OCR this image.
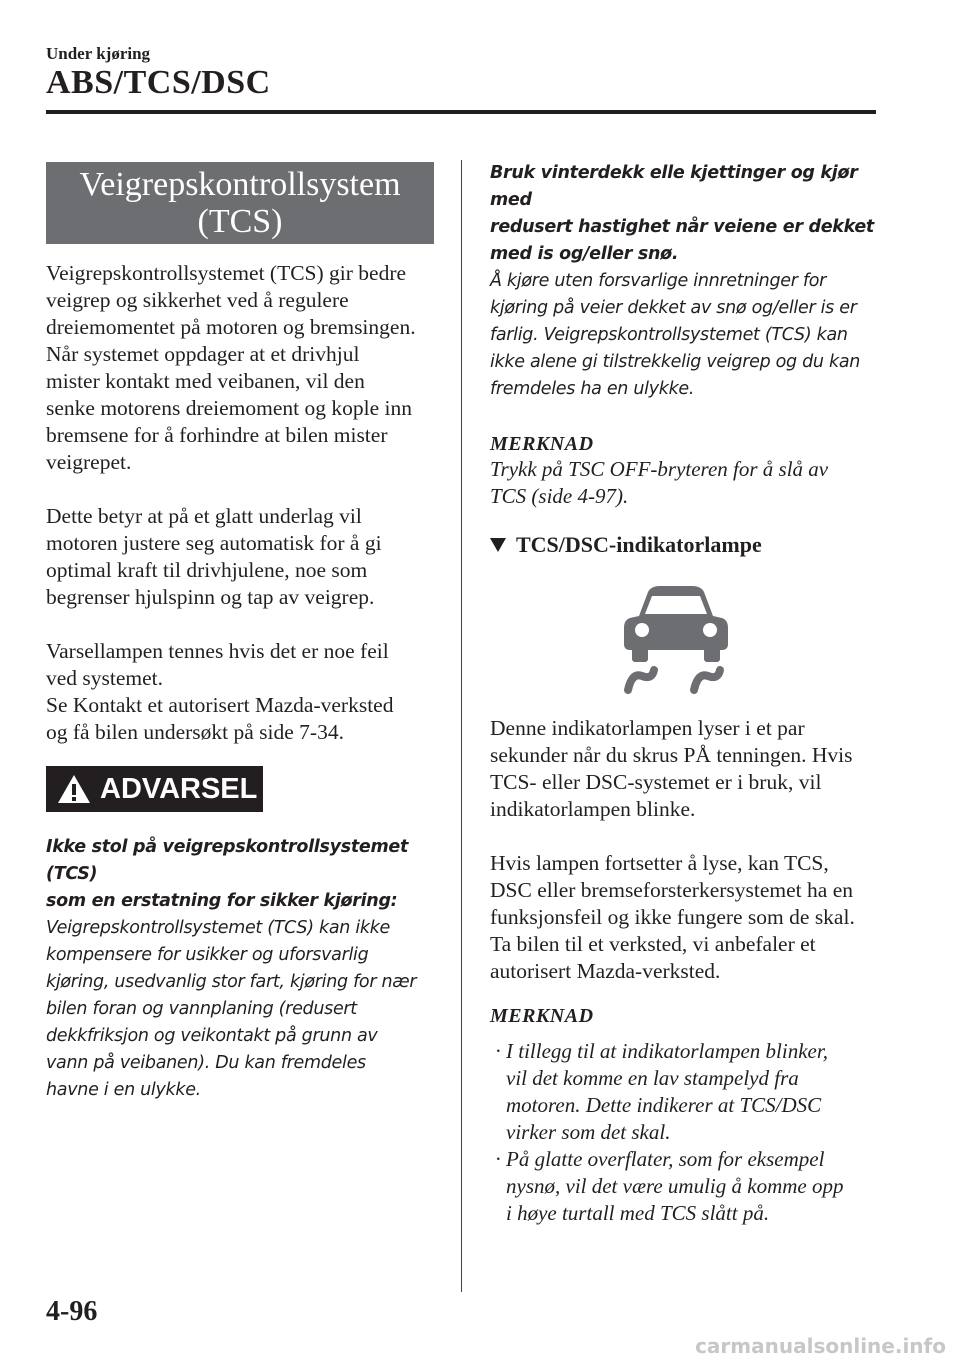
Under kjøring
ABS/TCS/DSC
Veigrepskontrollsystem
(TCS)
Veigrepskontrollsystemet (TCS) gir bedre
veigrep og sikkerhet ved å regulere
dreiemomentet på motoren og bremsingen.
Når systemet oppdager at et drivhjul
mister kontakt med veibanen, vil den
senke motorens dreiemoment og kople inn
bremsene for å forhindre at bilen mister
veigrepet.
Dette betyr at på et glatt underlag vil
motoren justere seg automatisk for å gi
optimal kraft til drivhjulene, noe som
begrenser hjulspinn og tap av veigrep.
Varsellampen tennes hvis det er noe feil
ved systemet.
Se Kontakt et autorisert Mazda-verksted
og få bilen undersøkt på side 7-34.
ADVARSEL
Ikke stol på veigrepskontrollsystemet (TCS)
som en erstatning for sikker kjøring:
Veigrepskontrollsystemet (TCS) kan ikke
kompensere for usikker og uforsvarlig
kjøring, usedvanlig stor fart, kjøring for nær
bilen foran og vannplaning (redusert
dekkfriksjon og veikontakt på grunn av
vann på veibanen). Du kan fremdeles
havne i en ulykke.
Bruk vinterdekk elle kjettinger og kjør med
redusert hastighet når veiene er dekket
med is og/eller snø.
Å kjøre uten forsvarlige innretninger for
kjøring på veier dekket av snø og/eller is er
farlig. Veigrepskontrollsystemet (TCS) kan
ikke alene gi tilstrekkelig veigrep og du kan
fremdeles ha en ulykke.
MERKNAD
Trykk på TSC OFF-bryteren for å slå av
TCS (side 4-97).
TCS/DSC-indikatorlampe
Denne indikatorlampen lyser i et par
sekunder når du skrus PÅ tenningen. Hvis
TCS- eller DSC-systemet er i bruk, vil
indikatorlampen blinke.
Hvis lampen fortsetter å lyse, kan TCS,
DSC eller bremseforsterkersystemet ha en
funksjonsfeil og ikke fungere som de skal.
Ta bilen til et verksted, vi anbefaler et
autorisert Mazda-verksted.
MERKNAD
· I tillegg til at indikatorlampen blinker,
vil det komme en lav stampelyd fra
motoren. Dette indikerer at TCS/DSC
virker som det skal.
· På glatte overflater, som for eksempel
nysnø, vil det være umulig å komme opp
i høye turtall med TCS slått på.
4-96
carmanualsonline.info
